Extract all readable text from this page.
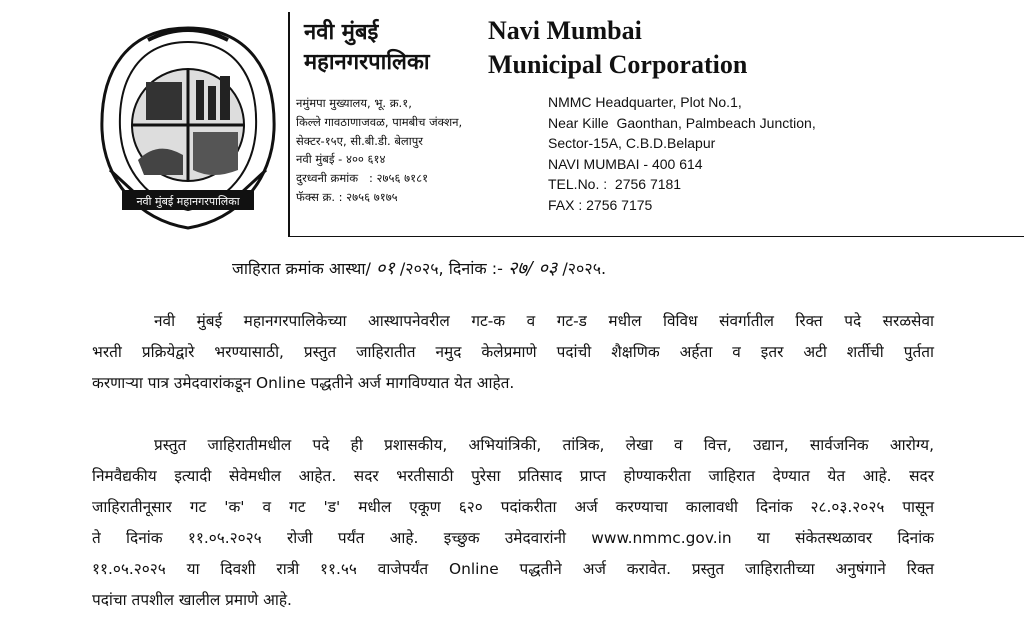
नवी मुंबई महानगरपालिका
नवी मुंबई
महानगरपालिका
Navi Mumbai
Municipal Corporation
नमुंमपा मुख्यालय, भू. क्र.१,
किल्ले गावठाणाजवळ, पामबीच जंक्शन,
सेक्टर-१५ए, सी.बी.डी. बेलापुर
नवी मुंबई - ४०० ६१४
दुरध्वनी क्रमांक   : २७५६ ७१८१
फॅक्स क्र. : २७५६ ७१७५
NMMC Headquarter, Plot No.1,
Near Kille  Gaonthan, Palmbeach Junction,
Sector-15A, C.B.D.Belapur
NAVI MUMBAI - 400 614
TEL.No. :  2756 7181
FAX : 2756 7175
जाहिरात क्रमांक आस्था/ ०१ /२०२५, दिनांक :- २७/ ०३ /२०२५.
नवी मुंबई महानगरपालिकेच्या आस्थापनेवरील गट-क व गट-ड मधील विविध संवर्गातील रिक्त पदे सरळसेवा
भरती प्रक्रियेद्वारे भरण्यासाठी, प्रस्तुत जाहिरातीत नमुद केलेप्रमाणे पदांची शैक्षणिक अर्हता व इतर अटी शर्तीची पुर्तता
करणाऱ्या पात्र उमेदवारांकडून Online पद्धतीने अर्ज मागविण्यात येत आहेत.
प्रस्तुत जाहिरातीमधील पदे ही प्रशासकीय, अभियांत्रिकी, तांत्रिक, लेखा व वित्त, उद्यान, सार्वजनिक आरोग्य,
निमवैद्यकीय इत्यादी सेवेमधील आहेत. सदर भरतीसाठी पुरेसा प्रतिसाद प्राप्त होण्याकरीता जाहिरात देण्यात येत आहे. सदर
जाहिरातीनूसार गट 'क' व गट 'ड' मधील एकूण ६२० पदांकरीता अर्ज करण्याचा कालावधी दिनांक २८.०३.२०२५ पासून
ते दिनांक ११.०५.२०२५ रोजी पर्यंत आहे. इच्छुक उमेदवारांनी www.nmmc.gov.in या संकेतस्थळावर दिनांक
११.०५.२०२५ या दिवशी रात्री ११.५५ वाजेपर्यंत Online पद्धतीने अर्ज करावेत. प्रस्तुत जाहिरातीच्या अनुषंगाने रिक्त
पदांचा तपशील खालील प्रमाणे आहे.
